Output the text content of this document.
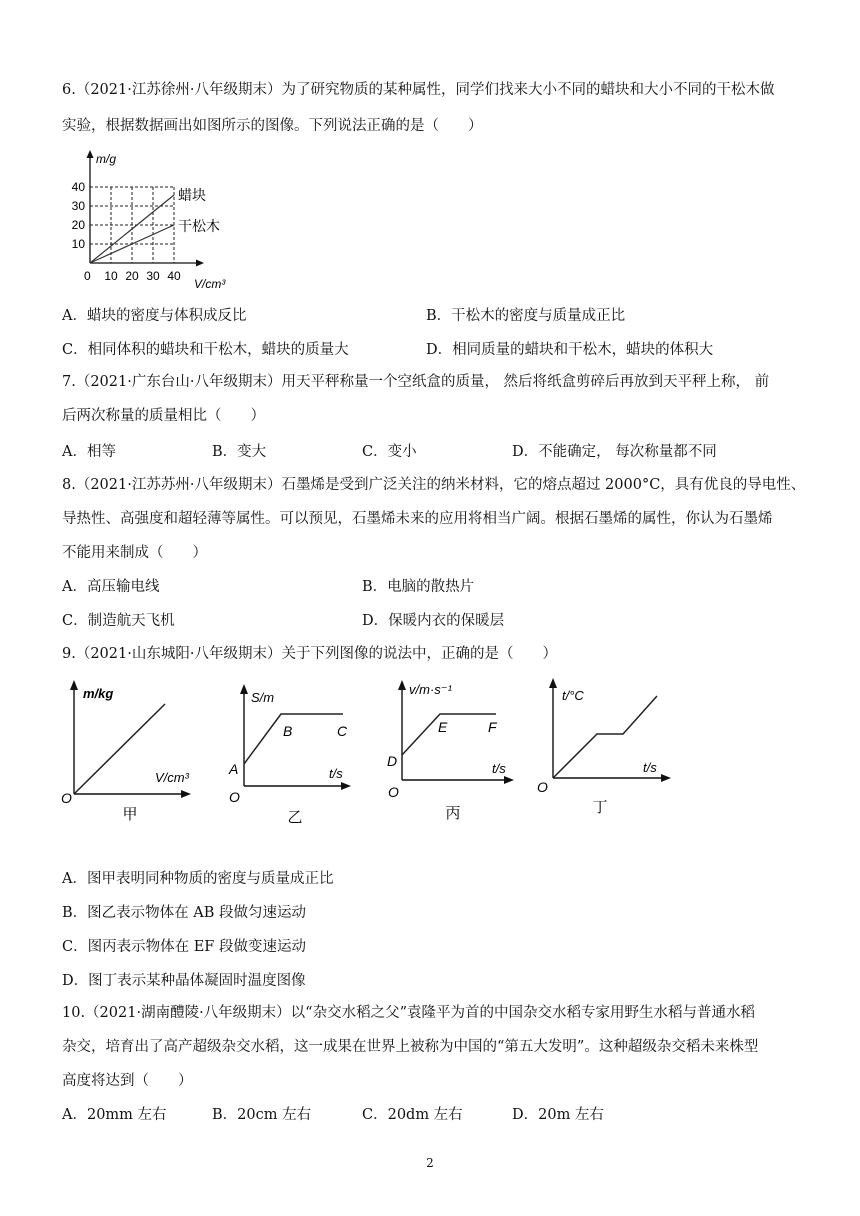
6.（2021·江苏徐州·八年级期末）为了研究物质的某种属性，同学们找来大小不同的蜡块和大小不同的干松木做
实验，根据数据画出如图所示的图像。下列说法正确的是（　　）
m/g
40
30
20
10
0 10 20 30 40
V/cm³
蜡块
干松木
A．蜡块的密度与体积成反比	B．干松木的密度与质量成正比
C．相同体积的蜡块和干松木，蜡块的质量大	D．相同质量的蜡块和干松木，蜡块的体积大
7.（2021·广东台山·八年级期末）用天平秤称量一个空纸盒的质量， 然后将纸盒剪碎后再放到天平秤上称， 前
后两次称量的质量相比（　　）
A．相等	B．变大	C．变小	D．不能确定， 每次称量都不同
8.（2021·江苏苏州·八年级期末）石墨烯是受到广泛关注的纳米材料，它的熔点超过 2000°C，具有优良的导电性、
导热性、高强度和超轻薄等属性。可以预见，石墨烯未来的应用将相当广阔。根据石墨烯的属性，你认为石墨烯
不能用来制成（　　）
A．高压输电线	B．电脑的散热片
C．制造航天飞机	D．保暖内衣的保暖层
9.（2021·山东城阳·八年级期末）关于下列图像的说法中，正确的是（　　）
m/kg
V/cm³
O
甲
S/m
t/s
A
B	C
O
乙
v/m·s⁻¹
t/s
D
E	F
O
丙
t/°C
t/s
O
丁
A．图甲表明同种物质的密度与质量成正比
B．图乙表示物体在 AB 段做匀速运动
C．图丙表示物体在 EF 段做变速运动
D．图丁表示某种晶体凝固时温度图像
10.（2021·湖南醴陵·八年级期末）以“杂交水稻之父”袁隆平为首的中国杂交水稻专家用野生水稻与普通水稻
杂交，培育出了高产超级杂交水稻，这一成果在世界上被称为中国的“第五大发明”。这种超级杂交稻未来株型
高度将达到（　　）
A．20mm 左右	B．20cm 左右	C．20dm 左右	D．20m 左右
2
